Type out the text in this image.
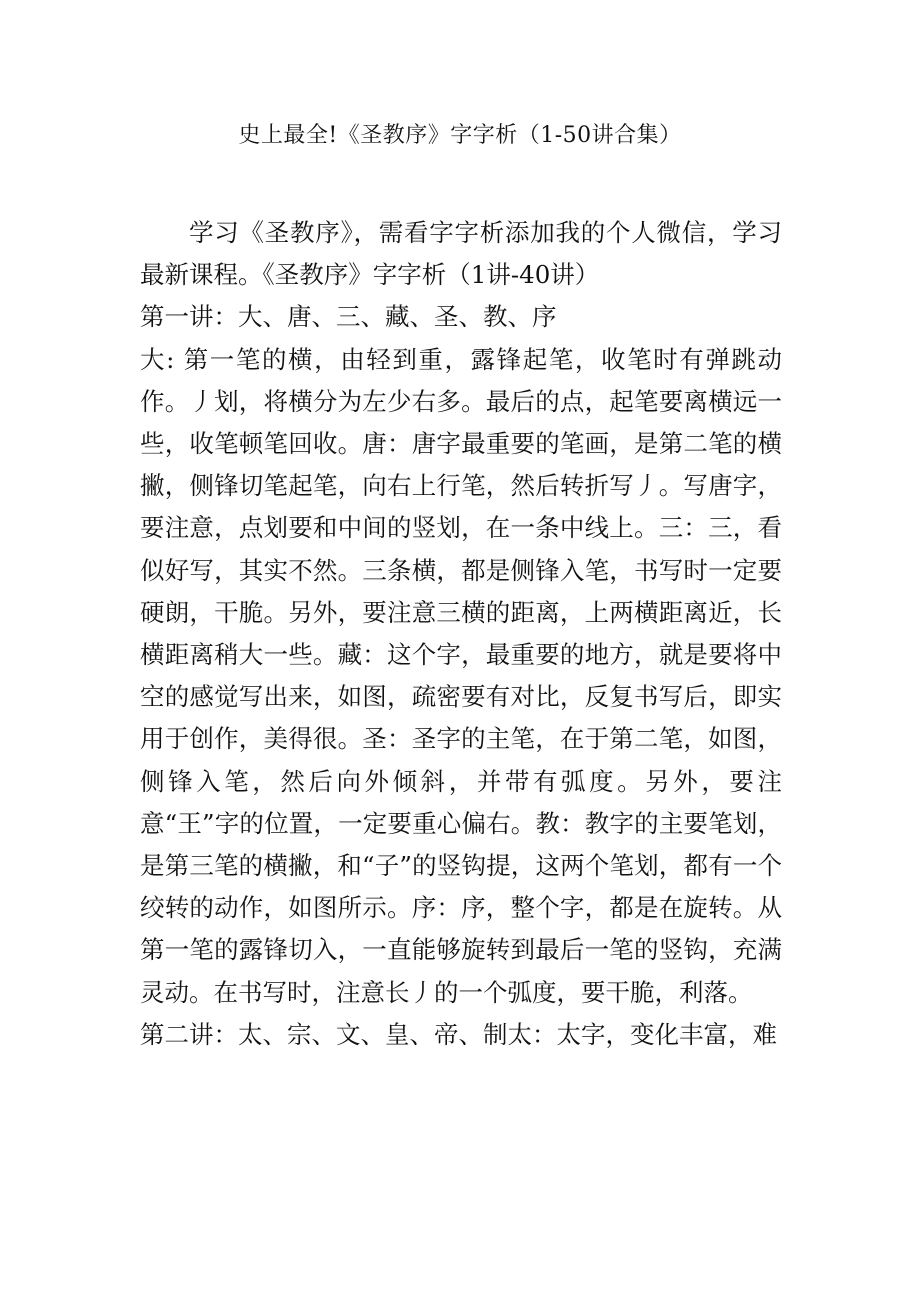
史上最全!《圣教序》字字析（1-50讲合集）

学习《圣教序》，需看字字析添加我的个人微信，学习最新课程。《圣教序》字字析（1讲-40讲）

第一讲：大、唐、三、藏、圣、教、序

大: 第一笔的横，由轻到重，露锋起笔，收笔时有弹跳动作。丿划，将横分为左少右多。最后的点，起笔要离横远一些，收笔顿笔回收。唐：唐字最重要的笔画，是第二笔的横撇，侧锋切笔起笔，向右上行笔，然后转折写丿。写唐字，要注意，点划要和中间的竖划，在一条中线上。三：三，看似好写，其实不然。三条横，都是侧锋入笔，书写时一定要硬朗，干脆。另外，要注意三横的距离，上两横距离近，长横距离稍大一些。藏：这个字，最重要的地方，就是要将中空的感觉写出来，如图，疏密要有对比，反复书写后，即实用于创作，美得很。圣：圣字的主笔，在于第二笔，如图，侧锋入笔，然后向外倾斜，并带有弧度。另外，要注意“王”字的位置，一定要重心偏右。教：教字的主要笔划，是第三笔的横撇，和“子”的竖钩提，这两个笔划，都有一个绞转的动作，如图所示。序：序，整个字，都是在旋转。从第一笔的露锋切入，一直能够旋转到最后一笔的竖钩，充满灵动。在书写时，注意长丿的一个弧度，要干脆，利落。

第二讲：太、宗、文、皇、帝、制太：太字，变化丰富，难
